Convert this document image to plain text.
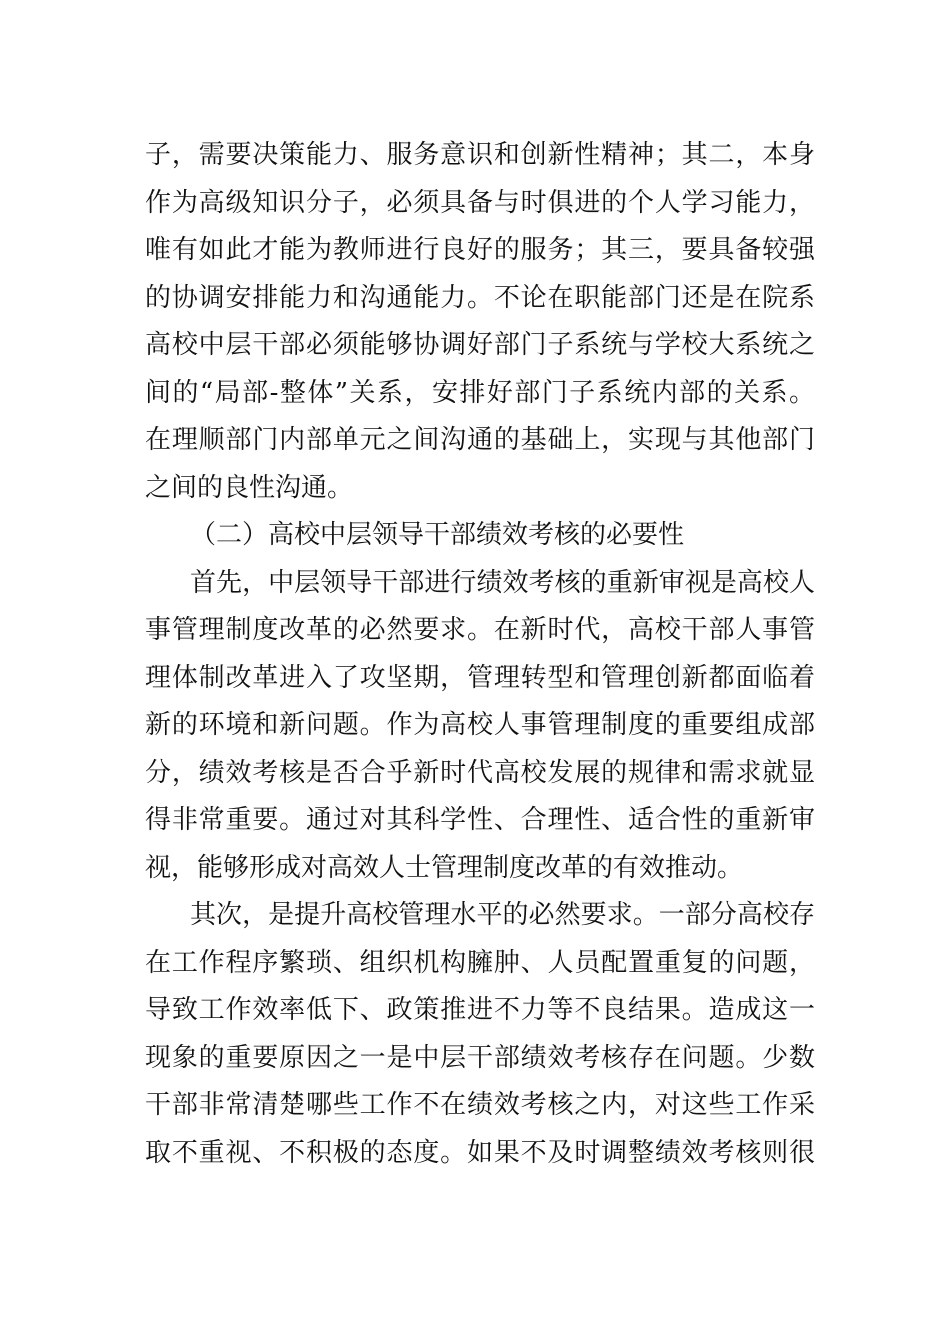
子，需要决策能力、服务意识和创新性精神；其二，本身
作为高级知识分子，必须具备与时俱进的个人学习能力，
唯有如此才能为教师进行良好的服务；其三，要具备较强
的协调安排能力和沟通能力。不论在职能部门还是在院系
高校中层干部必须能够协调好部门子系统与学校大系统之
间的“局部-整体”关系，安排好部门子系统内部的关系。
在理顺部门内部单元之间沟通的基础上，实现与其他部门
之间的良性沟通。
（二）高校中层领导干部绩效考核的必要性
首先，中层领导干部进行绩效考核的重新审视是高校人
事管理制度改革的必然要求。在新时代，高校干部人事管
理体制改革进入了攻坚期，管理转型和管理创新都面临着
新的环境和新问题。作为高校人事管理制度的重要组成部
分，绩效考核是否合乎新时代高校发展的规律和需求就显
得非常重要。通过对其科学性、合理性、适合性的重新审
视，能够形成对高效人士管理制度改革的有效推动。
其次，是提升高校管理水平的必然要求。一部分高校存
在工作程序繁琐、组织机构臃肿、人员配置重复的问题，
导致工作效率低下、政策推进不力等不良结果。造成这一
现象的重要原因之一是中层干部绩效考核存在问题。少数
干部非常清楚哪些工作不在绩效考核之内，对这些工作采
取不重视、不积极的态度。如果不及时调整绩效考核则很
